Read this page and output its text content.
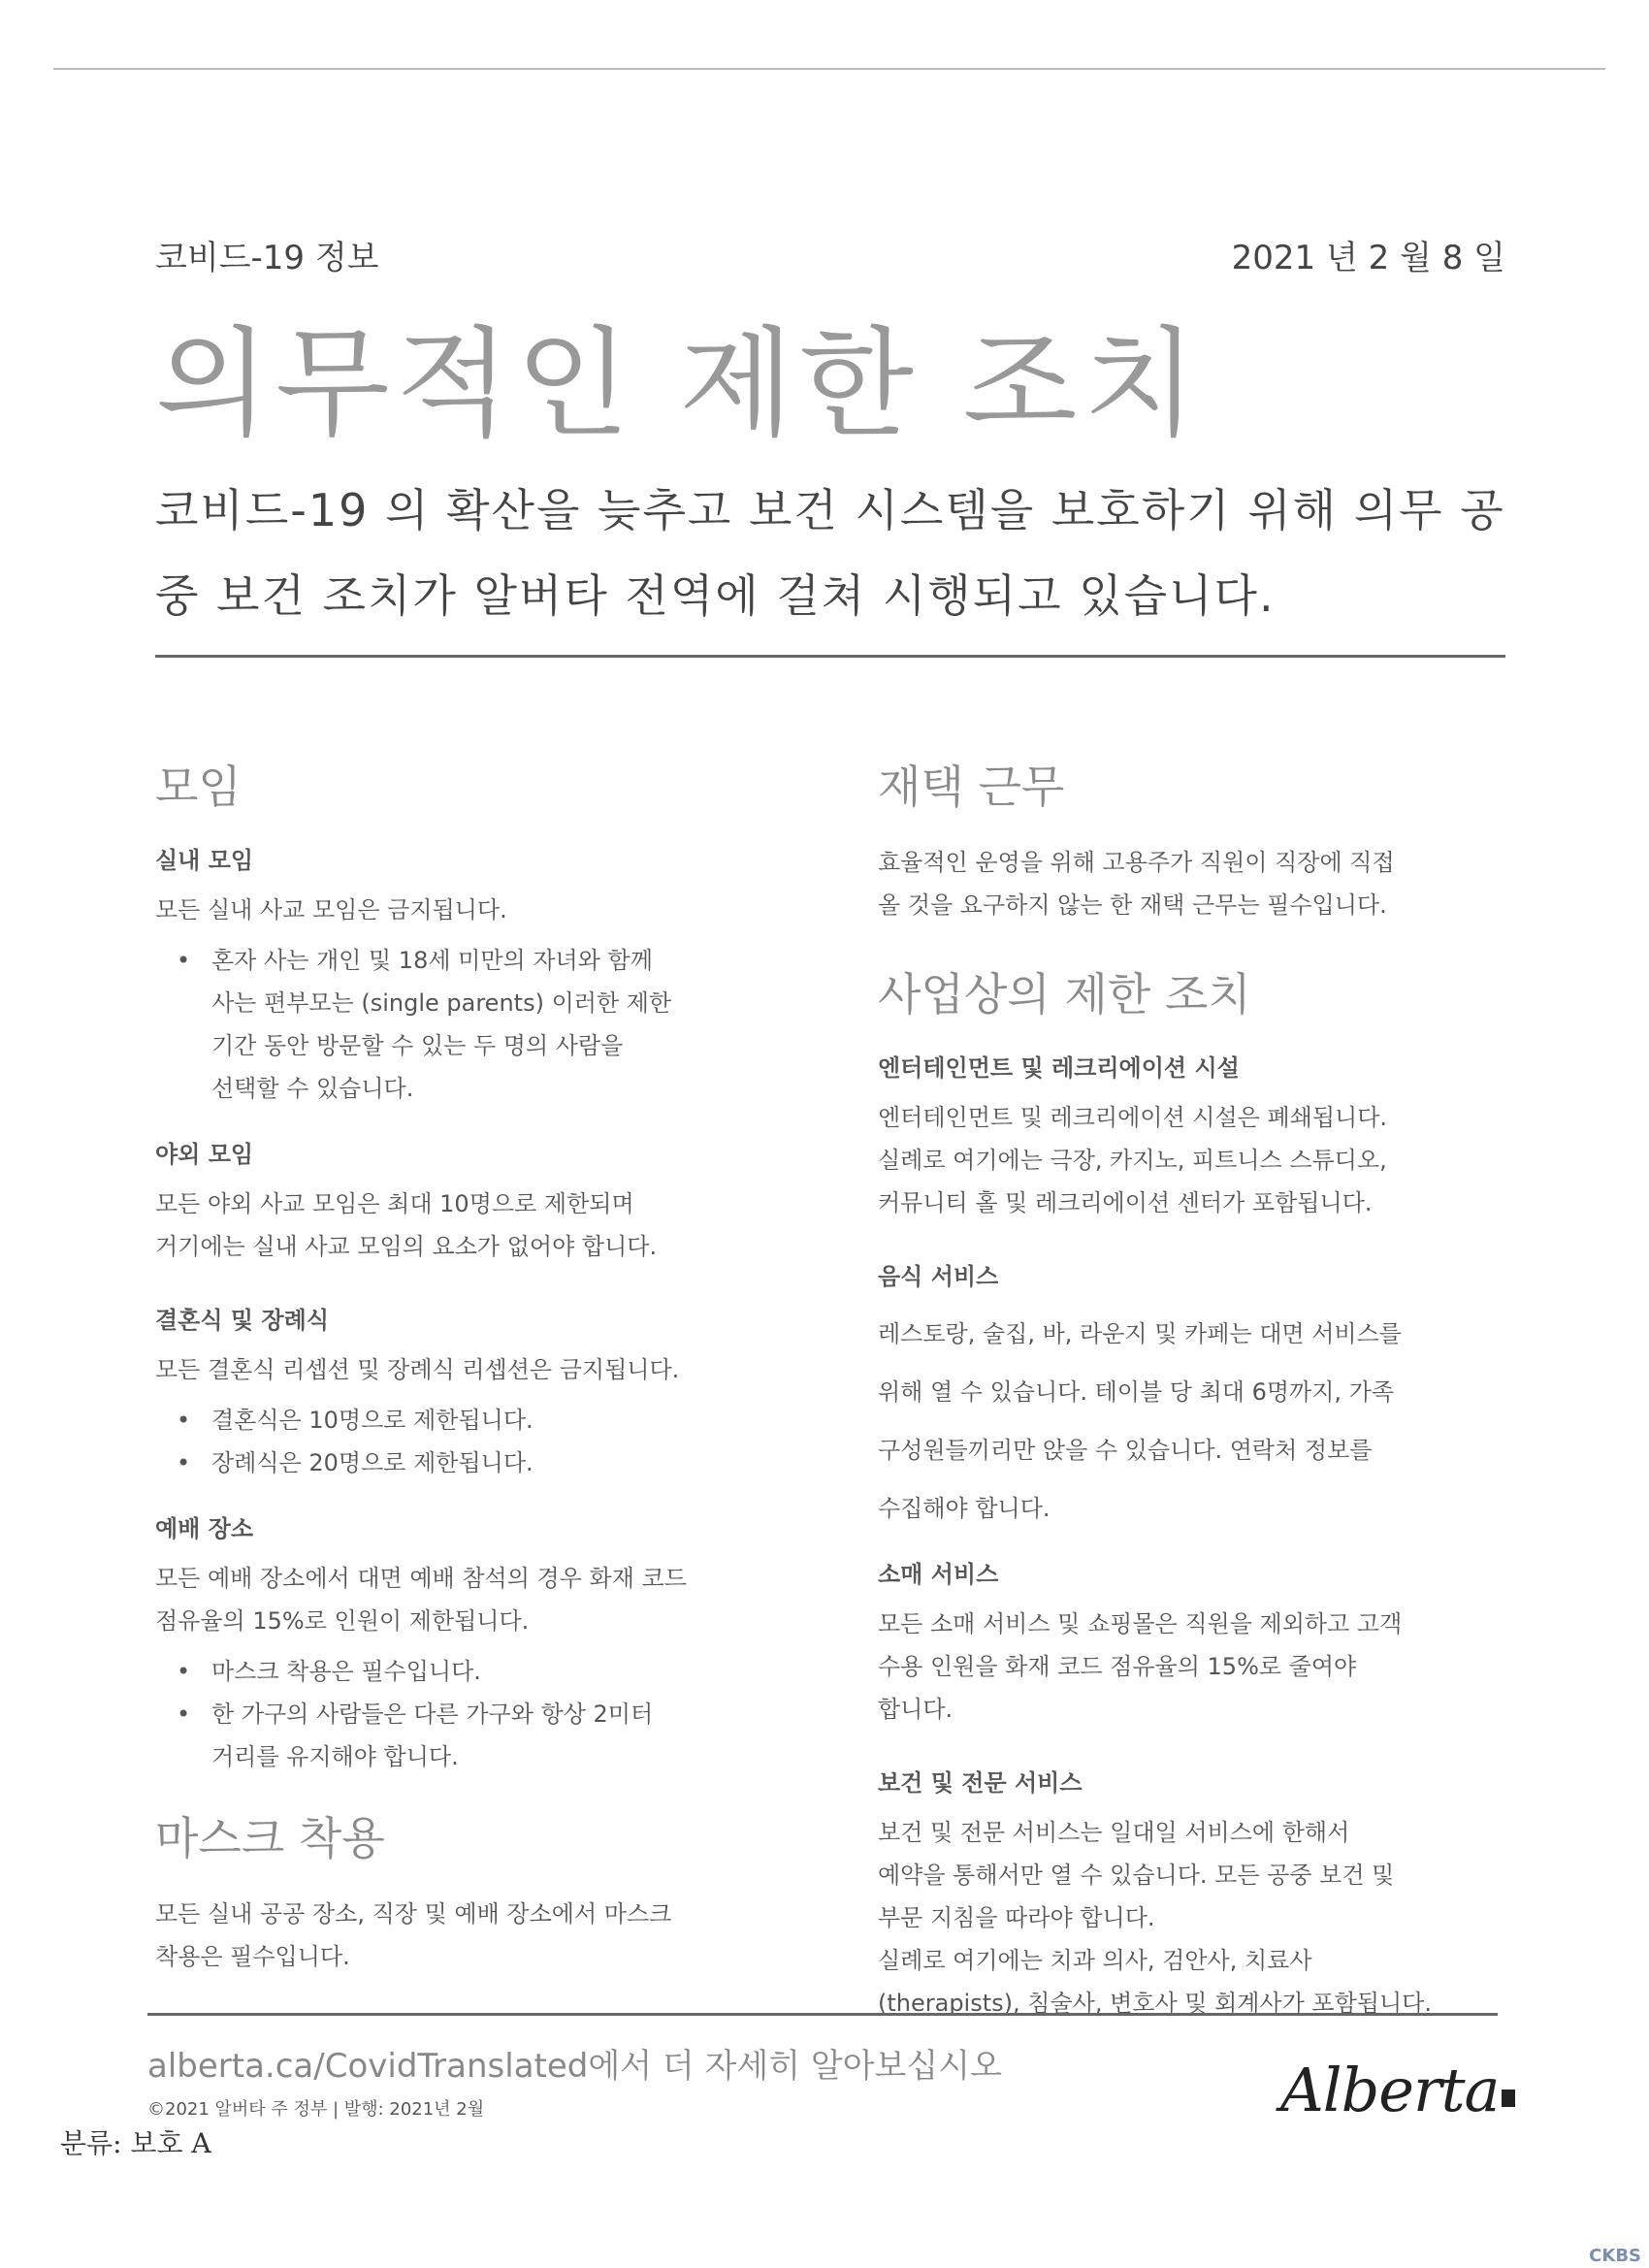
코비드-19 정보	2021 년 2 월 8 일
의무적인 제한 조치
코비드-19 의 확산을 늦추고 보건 시스템을 보호하기 위해 의무 공중 보건 조치가 알버타 전역에 걸쳐 시행되고 있습니다.
모임
실내 모임
모든 실내 사교 모임은 금지됩니다.
• 혼자 사는 개인 및 18세 미만의 자녀와 함께
사는 편부모는 (single parents) 이러한 제한
기간 동안 방문할 수 있는 두 명의 사람을
선택할 수 있습니다.
야외 모임
모든 야외 사교 모임은 최대 10명으로 제한되며
거기에는 실내 사교 모임의 요소가 없어야 합니다.
결혼식 및 장례식
모든 결혼식 리셉션 및 장례식 리셉션은 금지됩니다.
• 결혼식은 10명으로 제한됩니다.
• 장례식은 20명으로 제한됩니다.
예배 장소
모든 예배 장소에서 대면 예배 참석의 경우 화재 코드
점유율의 15%로 인원이 제한됩니다.
• 마스크 착용은 필수입니다.
• 한 가구의 사람들은 다른 가구와 항상 2미터
거리를 유지해야 합니다.
마스크 착용
모든 실내 공공 장소, 직장 및 예배 장소에서 마스크
착용은 필수입니다.
재택 근무
효율적인 운영을 위해 고용주가 직원이 직장에 직접
올 것을 요구하지 않는 한 재택 근무는 필수입니다.
사업상의 제한 조치
엔터테인먼트 및 레크리에이션 시설
엔터테인먼트 및 레크리에이션 시설은 폐쇄됩니다.
실례로 여기에는 극장, 카지노, 피트니스 스튜디오,
커뮤니티 홀 및 레크리에이션 센터가 포함됩니다.
음식 서비스
레스토랑, 술집, 바, 라운지 및 카페는 대면 서비스를
위해 열 수 있습니다. 테이블 당 최대 6명까지, 가족
구성원들끼리만 앉을 수 있습니다. 연락처 정보를
수집해야 합니다.
소매 서비스
모든 소매 서비스 및 쇼핑몰은 직원을 제외하고 고객
수용 인원을 화재 코드 점유율의 15%로 줄여야
합니다.
보건 및 전문 서비스
보건 및 전문 서비스는 일대일 서비스에 한해서
예약을 통해서만 열 수 있습니다. 모든 공중 보건 및
부문 지침을 따라야 합니다.
실례로 여기에는 치과 의사, 검안사, 치료사
(therapists), 침술사, 변호사 및 회계사가 포함됩니다.
alberta.ca/CovidTranslated에서 더 자세히 알아보십시오
©2021 알버타 주 정부 | 발행: 2021년 2월
분류: 보호 A
Alberta
CKBS
